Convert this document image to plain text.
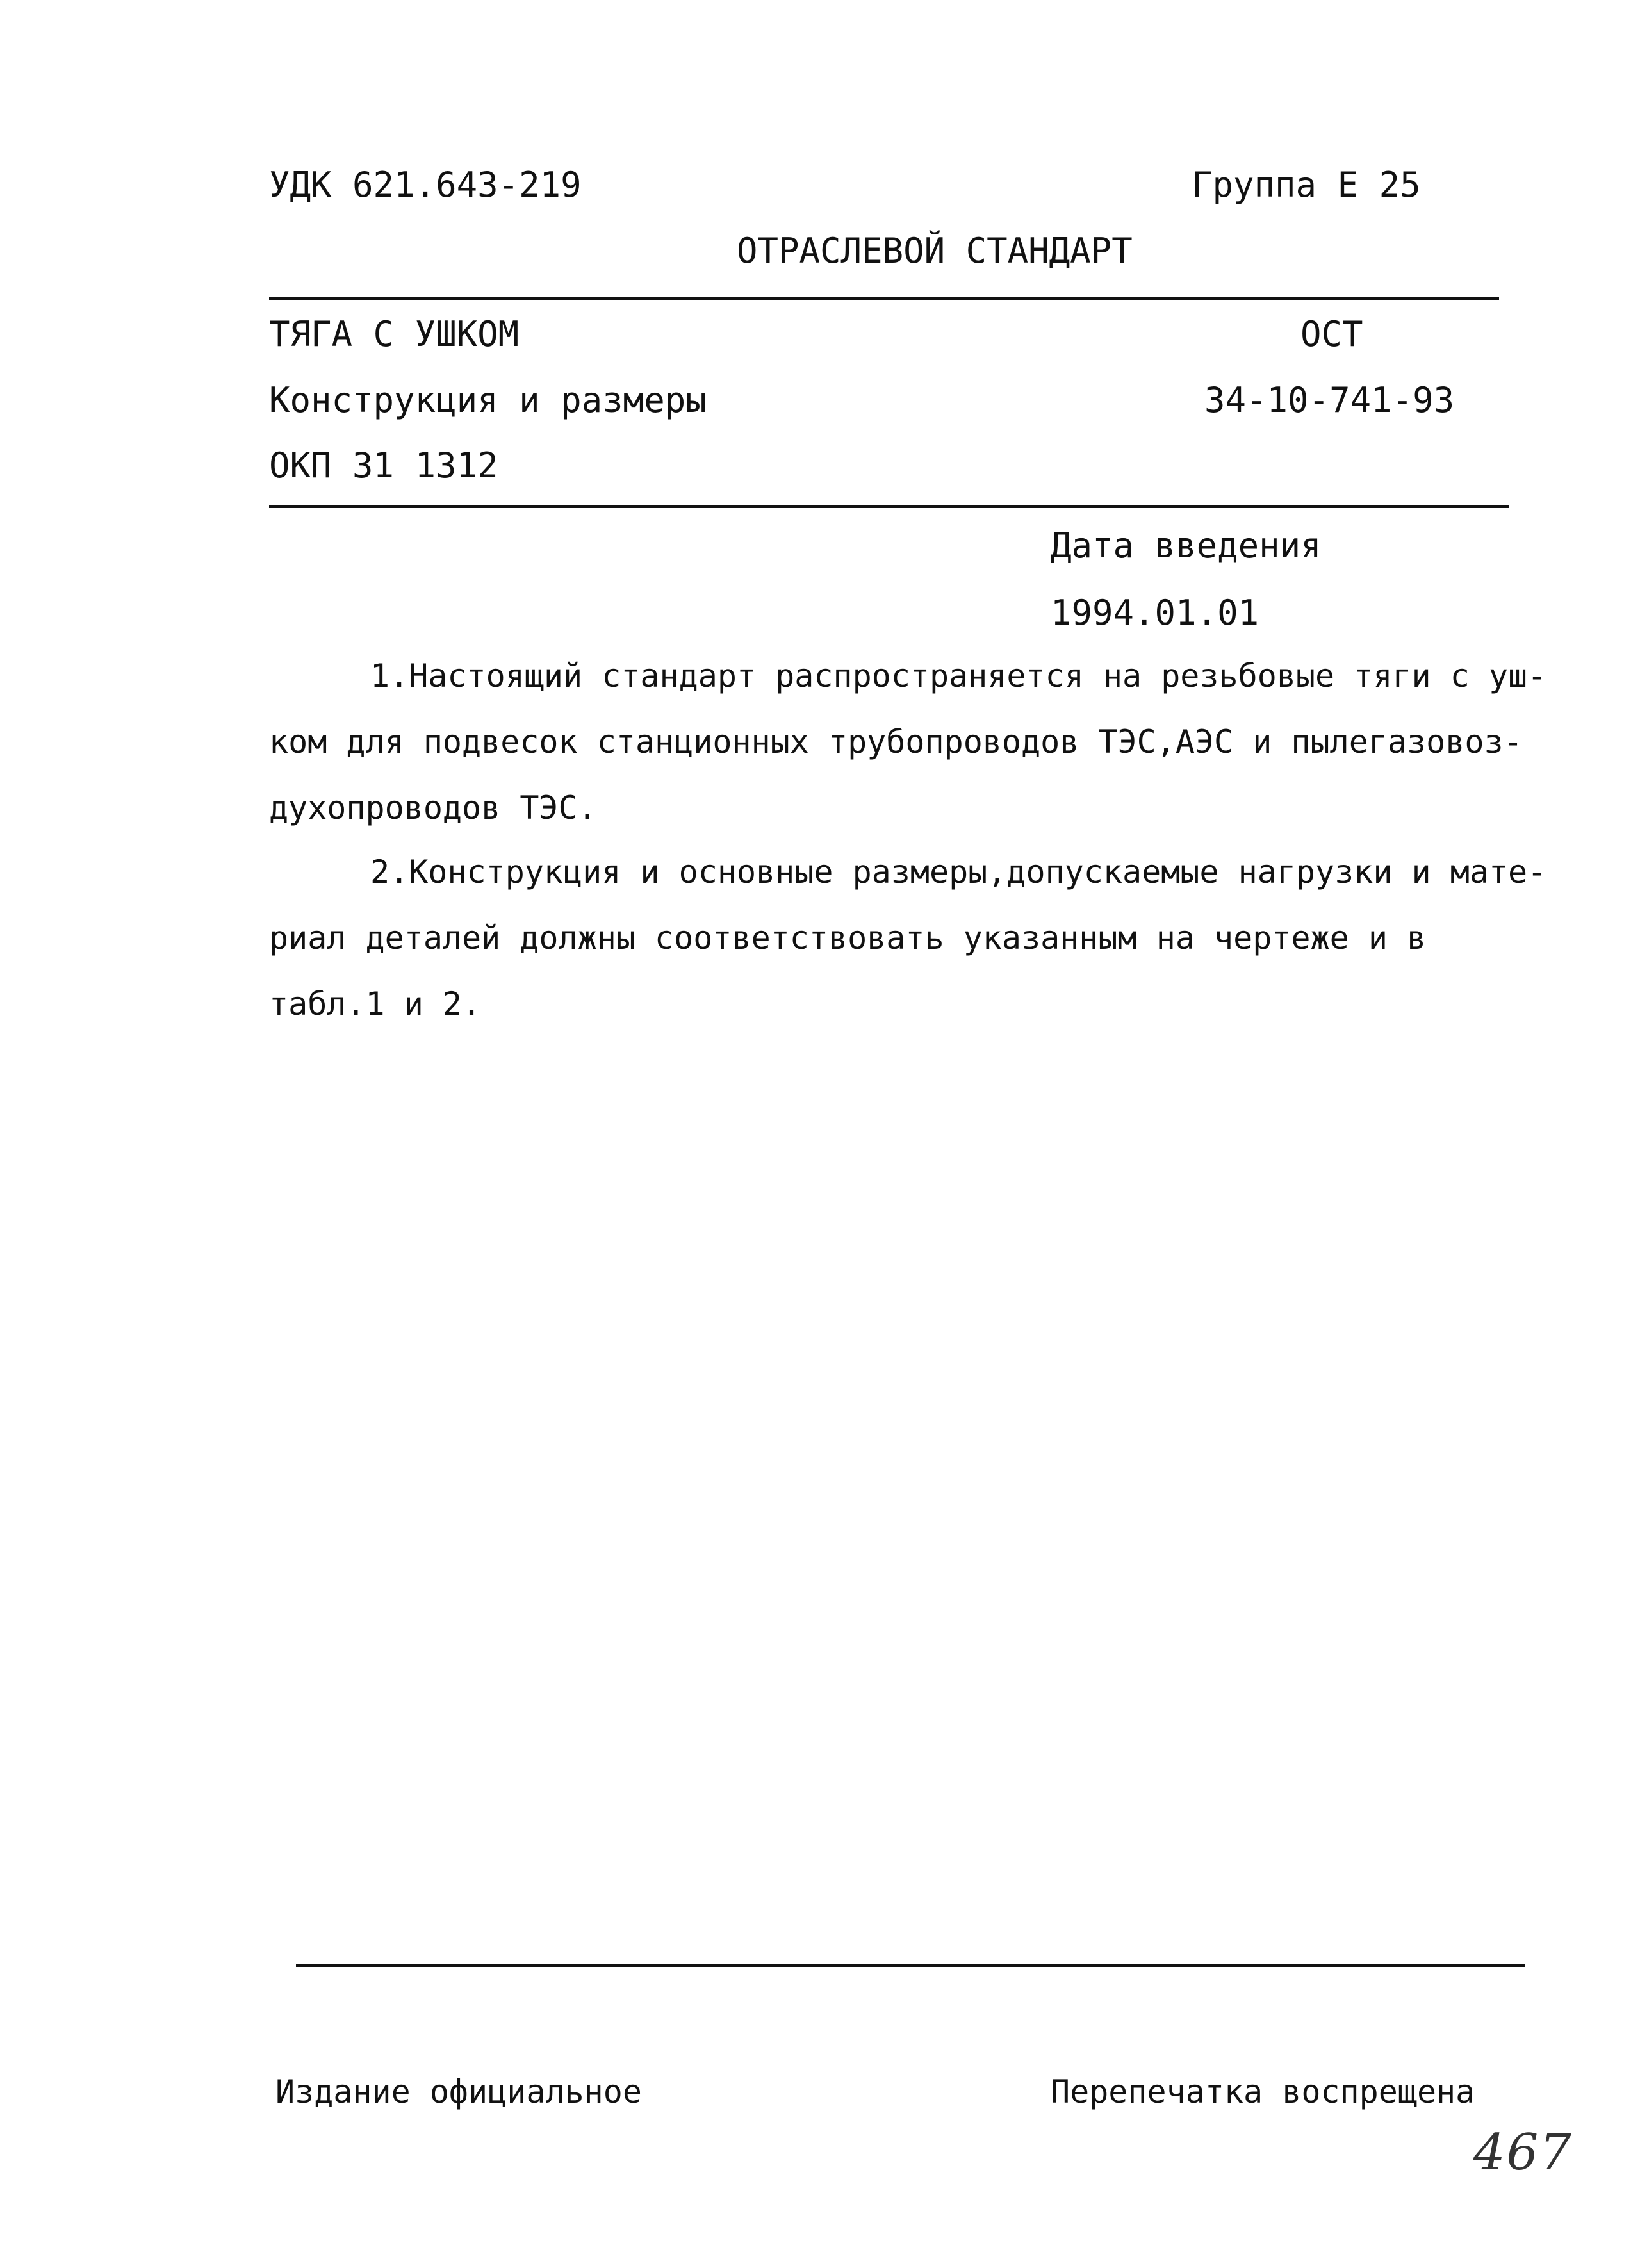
УДК 621.643-219	Группа Е 25
ОТРАСЛЕВОЙ СТАНДАРТ
ТЯГА С УШКОМ	ОСТ
Конструкция и размеры	34-10-741-93
ОКП 31 1312
Дата введения
1994.01.01
1.Настоящий стандарт распространяется на резьбовые тяги с уш-
ком для подвесок станционных трубопроводов ТЭС,АЭС и пылегазовоз-
духопроводов ТЭС.
2.Конструкция и основные размеры,допускаемые нагрузки и мате-
риал деталей должны соответствовать указанным на чертеже и в
табл.1 и 2.
Издание официальное	Перепечатка воспрещена
467
